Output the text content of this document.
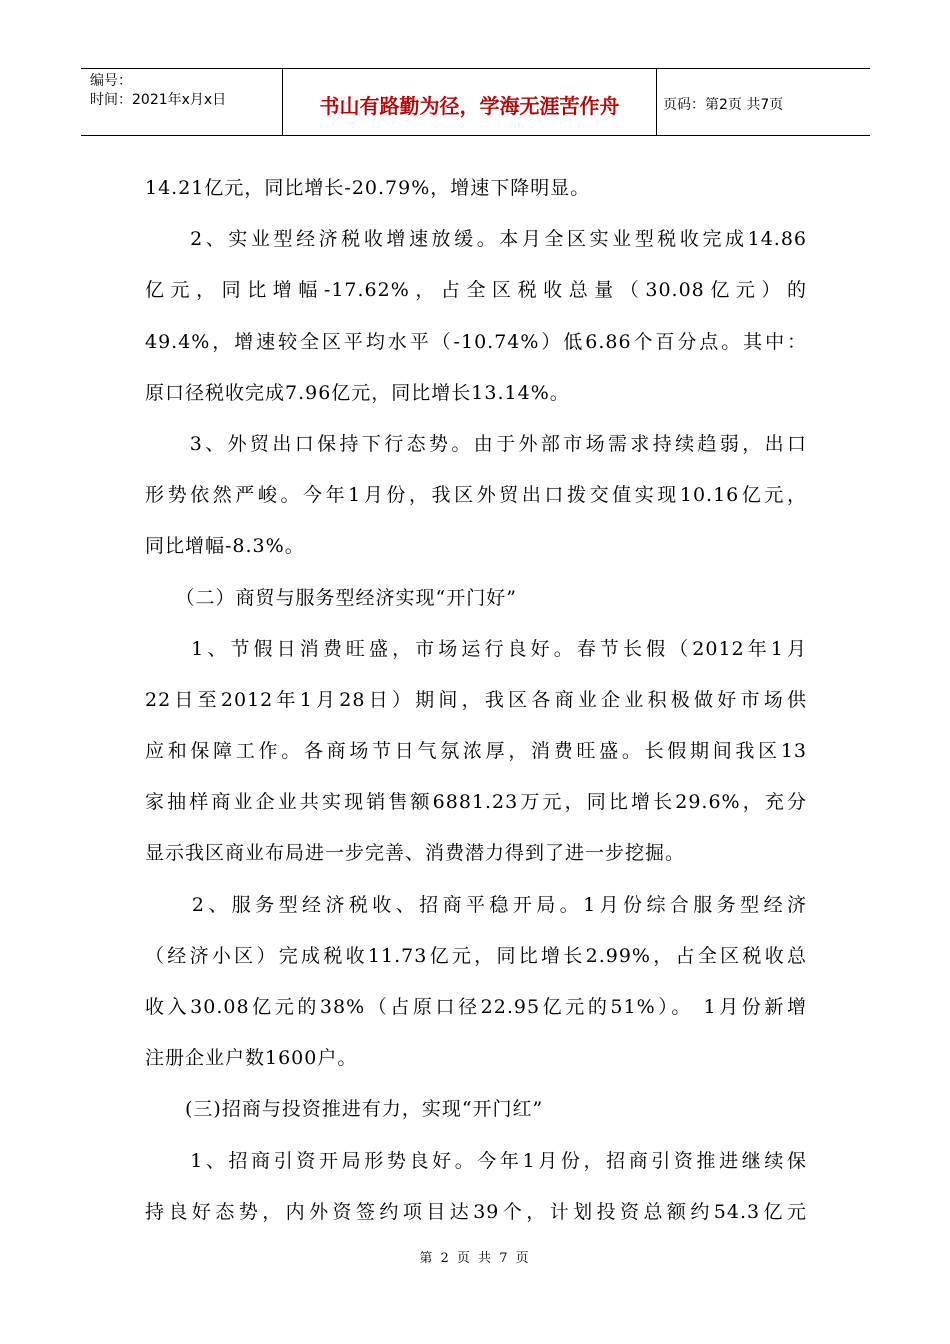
编号：
时间：2021年x月x日	书山有路勤为径，学海无涯苦作舟	页码：第2页 共7页
14.21亿元，同比增长-20.79%，增速下降明显。
　　2、实业型经济税收增速放缓。本月全区实业型税收完成14.86
亿元，同比增幅-17.62%，占全区税收总量（30.08亿元）的
49.4%，增速较全区平均水平（-10.74%）低6.86个百分点。其中：
原口径税收完成7.96亿元，同比增长13.14%。
　　3、外贸出口保持下行态势。由于外部市场需求持续趋弱，出口
形势依然严峻。今年1月份，我区外贸出口拨交值实现10.16亿元，
同比增幅-8.3%。
　　（二）商贸与服务型经济实现“开门好”
　　1、节假日消费旺盛，市场运行良好。春节长假（2012年1月
22日至2012年1月28日）期间，我区各商业企业积极做好市场供
应和保障工作。各商场节日气氛浓厚，消费旺盛。长假期间我区13
家抽样商业企业共实现销售额6881.23万元，同比增长29.6%，充分
显示我区商业布局进一步完善、消费潜力得到了进一步挖掘。
　　2、服务型经济税收、招商平稳开局。1月份综合服务型经济
（经济小区）完成税收11.73亿元，同比增长2.99%，占全区税收总
收入30.08亿元的38%（占原口径22.95亿元的51%）。 1月份新增
注册企业户数1600户。
　　(三)招商与投资推进有力，实现“开门红”
　　1、招商引资开局形势良好。今年1月份，招商引资推进继续保
持良好态势，内外资签约项目达39个，计划投资总额约54.3亿元
第 2 页 共 7 页
